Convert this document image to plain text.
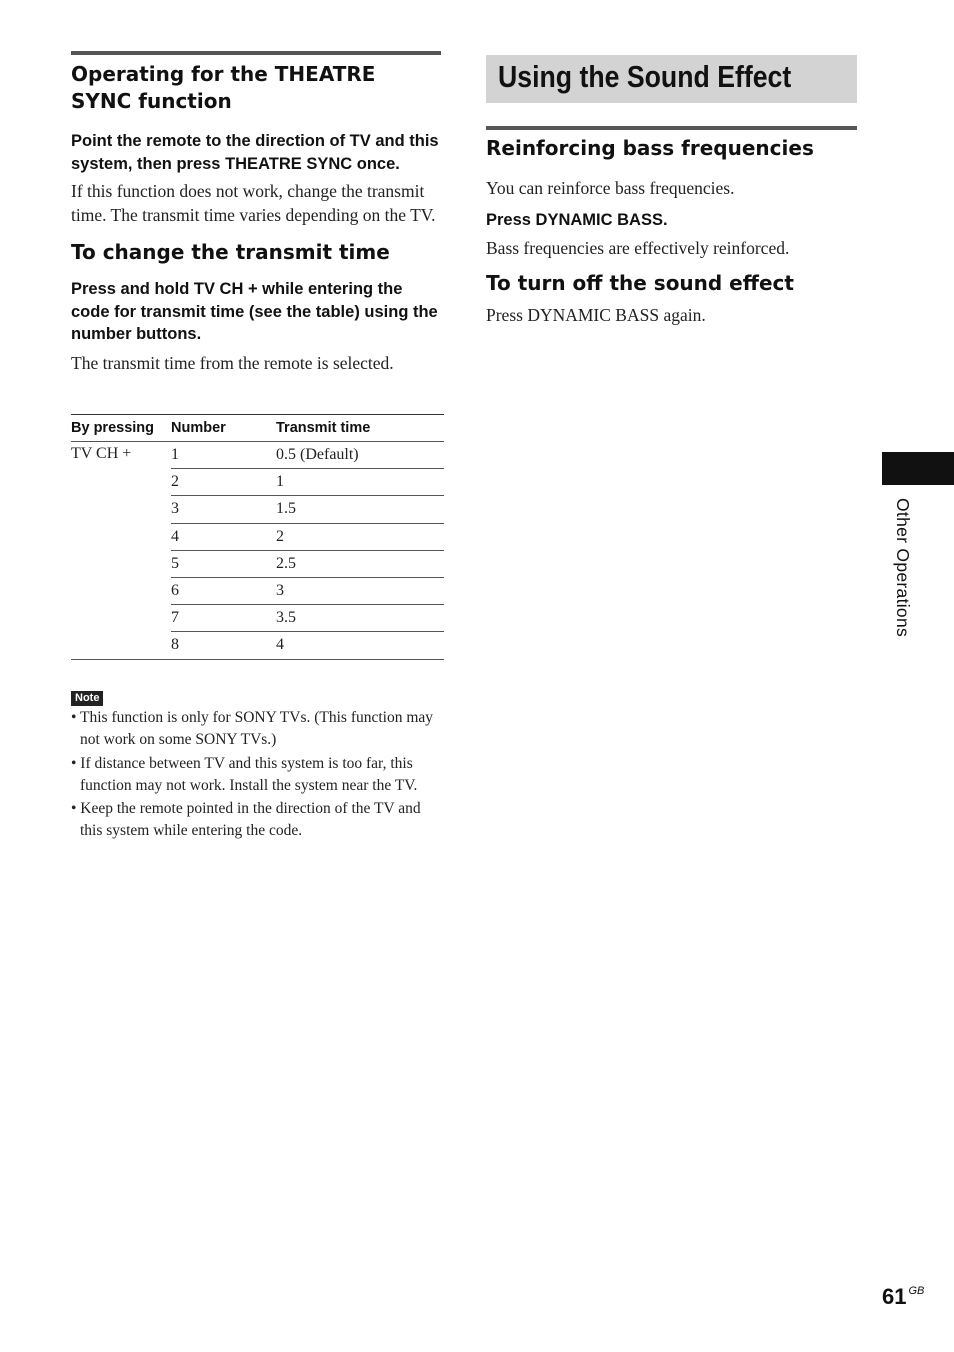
Operating for the THEATRE SYNC function

Point the remote to the direction of TV and this system, then press THEATRE SYNC once.

If this function does not work, change the transmit time. The transmit time varies depending on the TV.

To change the transmit time

Press and hold TV CH + while entering the code for transmit time (see the table) using the number buttons.

The transmit time from the remote is selected.

By pressing	Number	Transmit time
TV CH +	1	0.5 (Default)
	2	1
	3	1.5
	4	2
	5	2.5
	6	3
	7	3.5
	8	4
Note
• This function is only for SONY TVs. (This function may not work on some SONY TVs.)
• If distance between TV and this system is too far, this function may not work. Install the system near the TV.
• Keep the remote pointed in the direction of the TV and this system while entering the code.
Using the Sound Effect
Reinforcing bass frequencies

You can reinforce bass frequencies.

Press DYNAMIC BASS.

Bass frequencies are effectively reinforced.

To turn off the sound effect

Press DYNAMIC BASS again.

Other Operations
61 $^{GB}$
